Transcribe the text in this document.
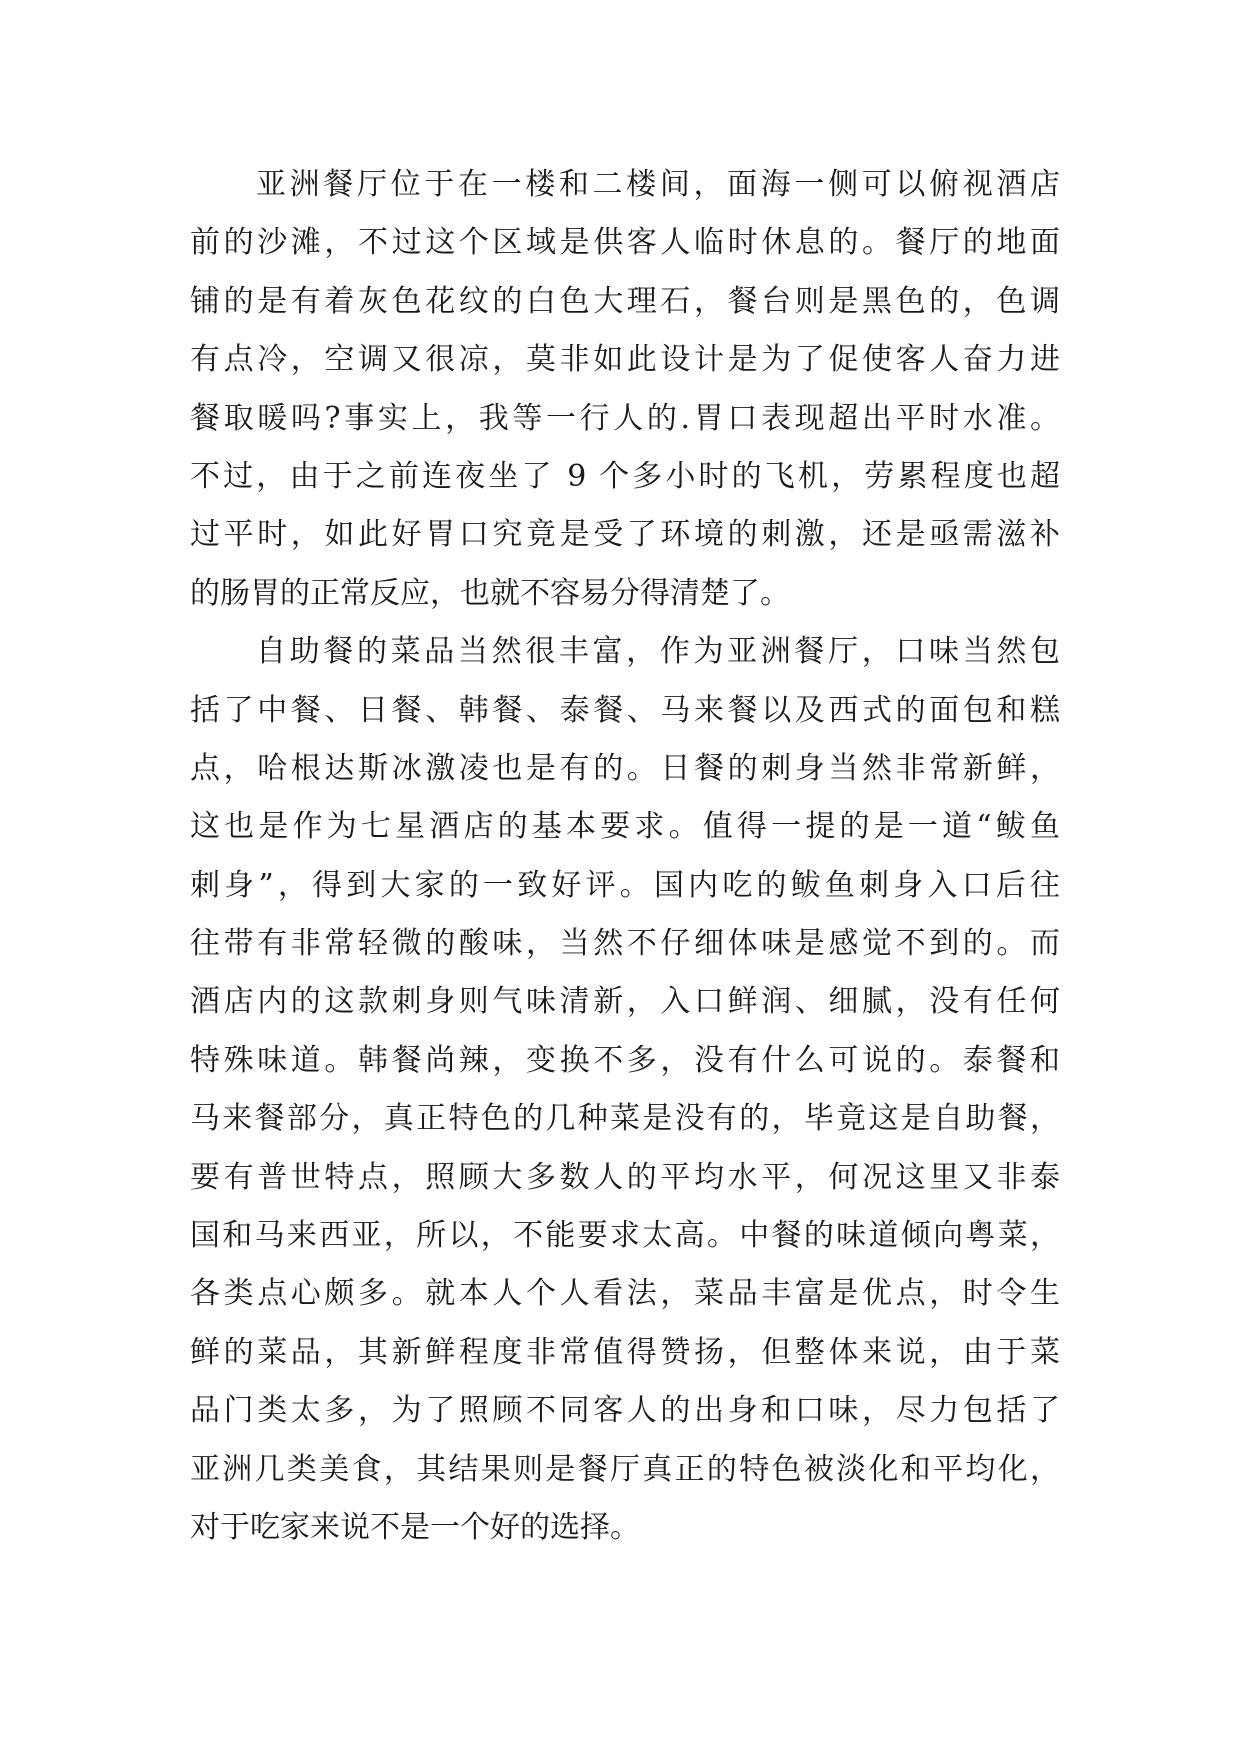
亚洲餐厅位于在一楼和二楼间，面海一侧可以俯视酒店
前的沙滩，不过这个区域是供客人临时休息的。餐厅的地面
铺的是有着灰色花纹的白色大理石，餐台则是黑色的，色调
有点冷，空调又很凉，莫非如此设计是为了促使客人奋力进
餐取暖吗?事实上，我等一行人的.胃口表现超出平时水准。
不过，由于之前连夜坐了 9 个多小时的飞机，劳累程度也超
过平时，如此好胃口究竟是受了环境的刺激，还是亟需滋补
的肠胃的正常反应，也就不容易分得清楚了。
自助餐的菜品当然很丰富，作为亚洲餐厅，口味当然包
括了中餐、日餐、韩餐、泰餐、马来餐以及西式的面包和糕
点，哈根达斯冰激凌也是有的。日餐的刺身当然非常新鲜，
这也是作为七星酒店的基本要求。值得一提的是一道“鲅鱼
刺身”，得到大家的一致好评。国内吃的鲅鱼刺身入口后往
往带有非常轻微的酸味，当然不仔细体味是感觉不到的。而
酒店内的这款刺身则气味清新，入口鲜润、细腻，没有任何
特殊味道。韩餐尚辣，变换不多，没有什么可说的。泰餐和
马来餐部分，真正特色的几种菜是没有的，毕竟这是自助餐，
要有普世特点，照顾大多数人的平均水平，何况这里又非泰
国和马来西亚，所以，不能要求太高。中餐的味道倾向粤菜，
各类点心颇多。就本人个人看法，菜品丰富是优点，时令生
鲜的菜品，其新鲜程度非常值得赞扬，但整体来说，由于菜
品门类太多，为了照顾不同客人的出身和口味，尽力包括了
亚洲几类美食，其结果则是餐厅真正的特色被淡化和平均化，
对于吃家来说不是一个好的选择。
